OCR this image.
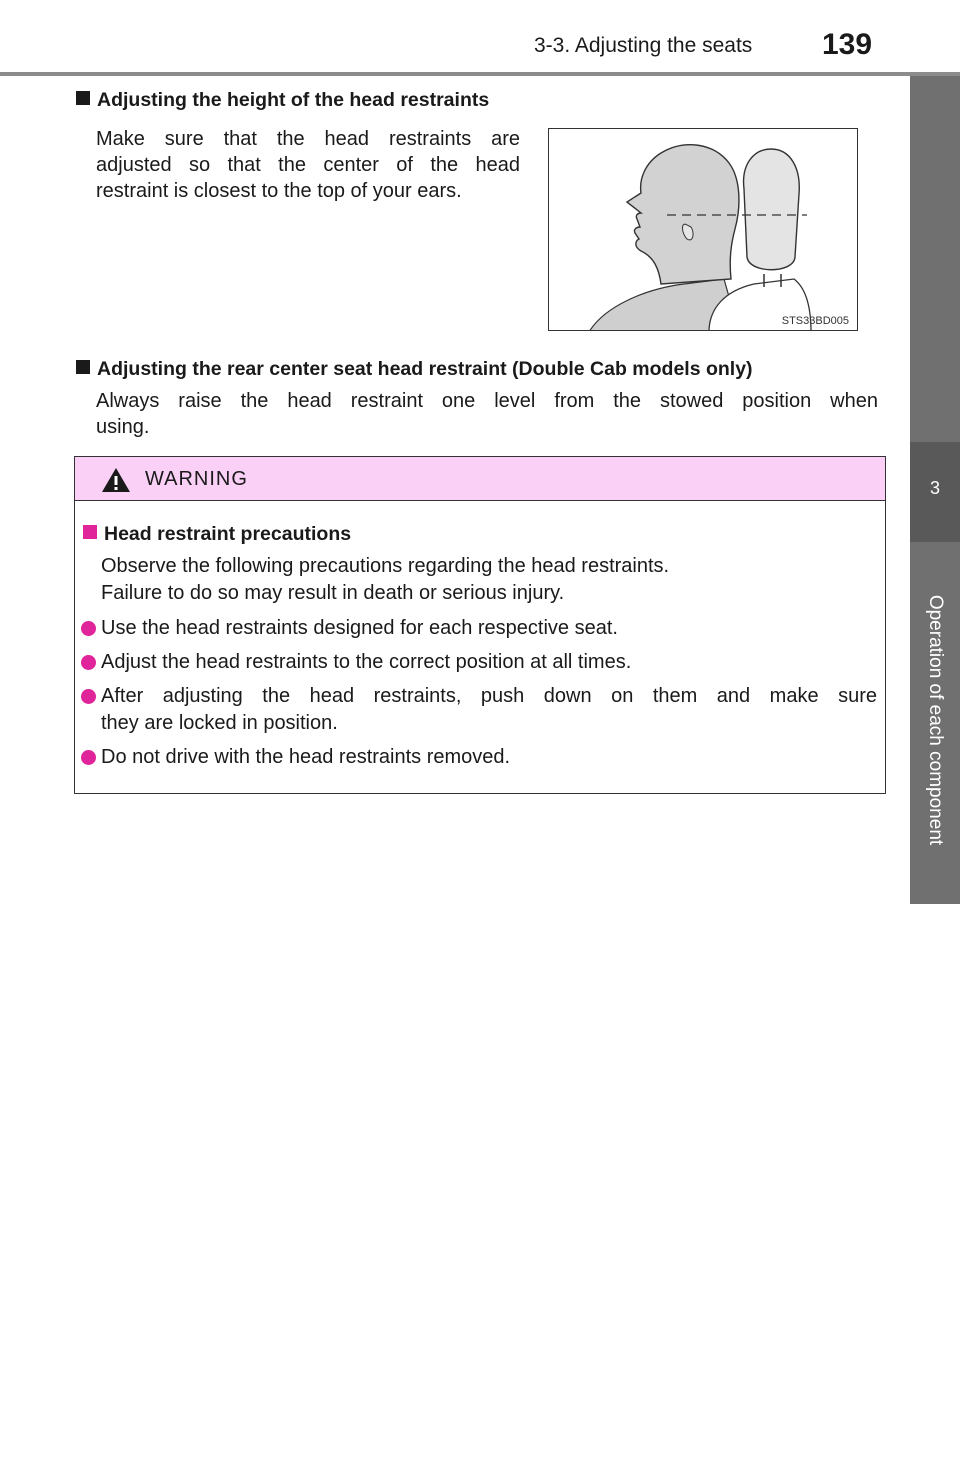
3-3. Adjusting the seats 139
3
Operation of each component
Adjusting the height of the head restraints
Make sure that the head restraints are
adjusted so that the center of the head
restraint is closest to the top of your ears.
STS33BD005
Adjusting the rear center seat head restraint (Double Cab models only)
Always raise the head restraint one level from the stowed position when
using.
WARNING
Head restraint precautions
Observe the following precautions regarding the head restraints.
Failure to do so may result in death or serious injury.
Use the head restraints designed for each respective seat.
Adjust the head restraints to the correct position at all times.
After adjusting the head restraints, push down on them and make sure
they are locked in position.
Do not drive with the head restraints removed.
